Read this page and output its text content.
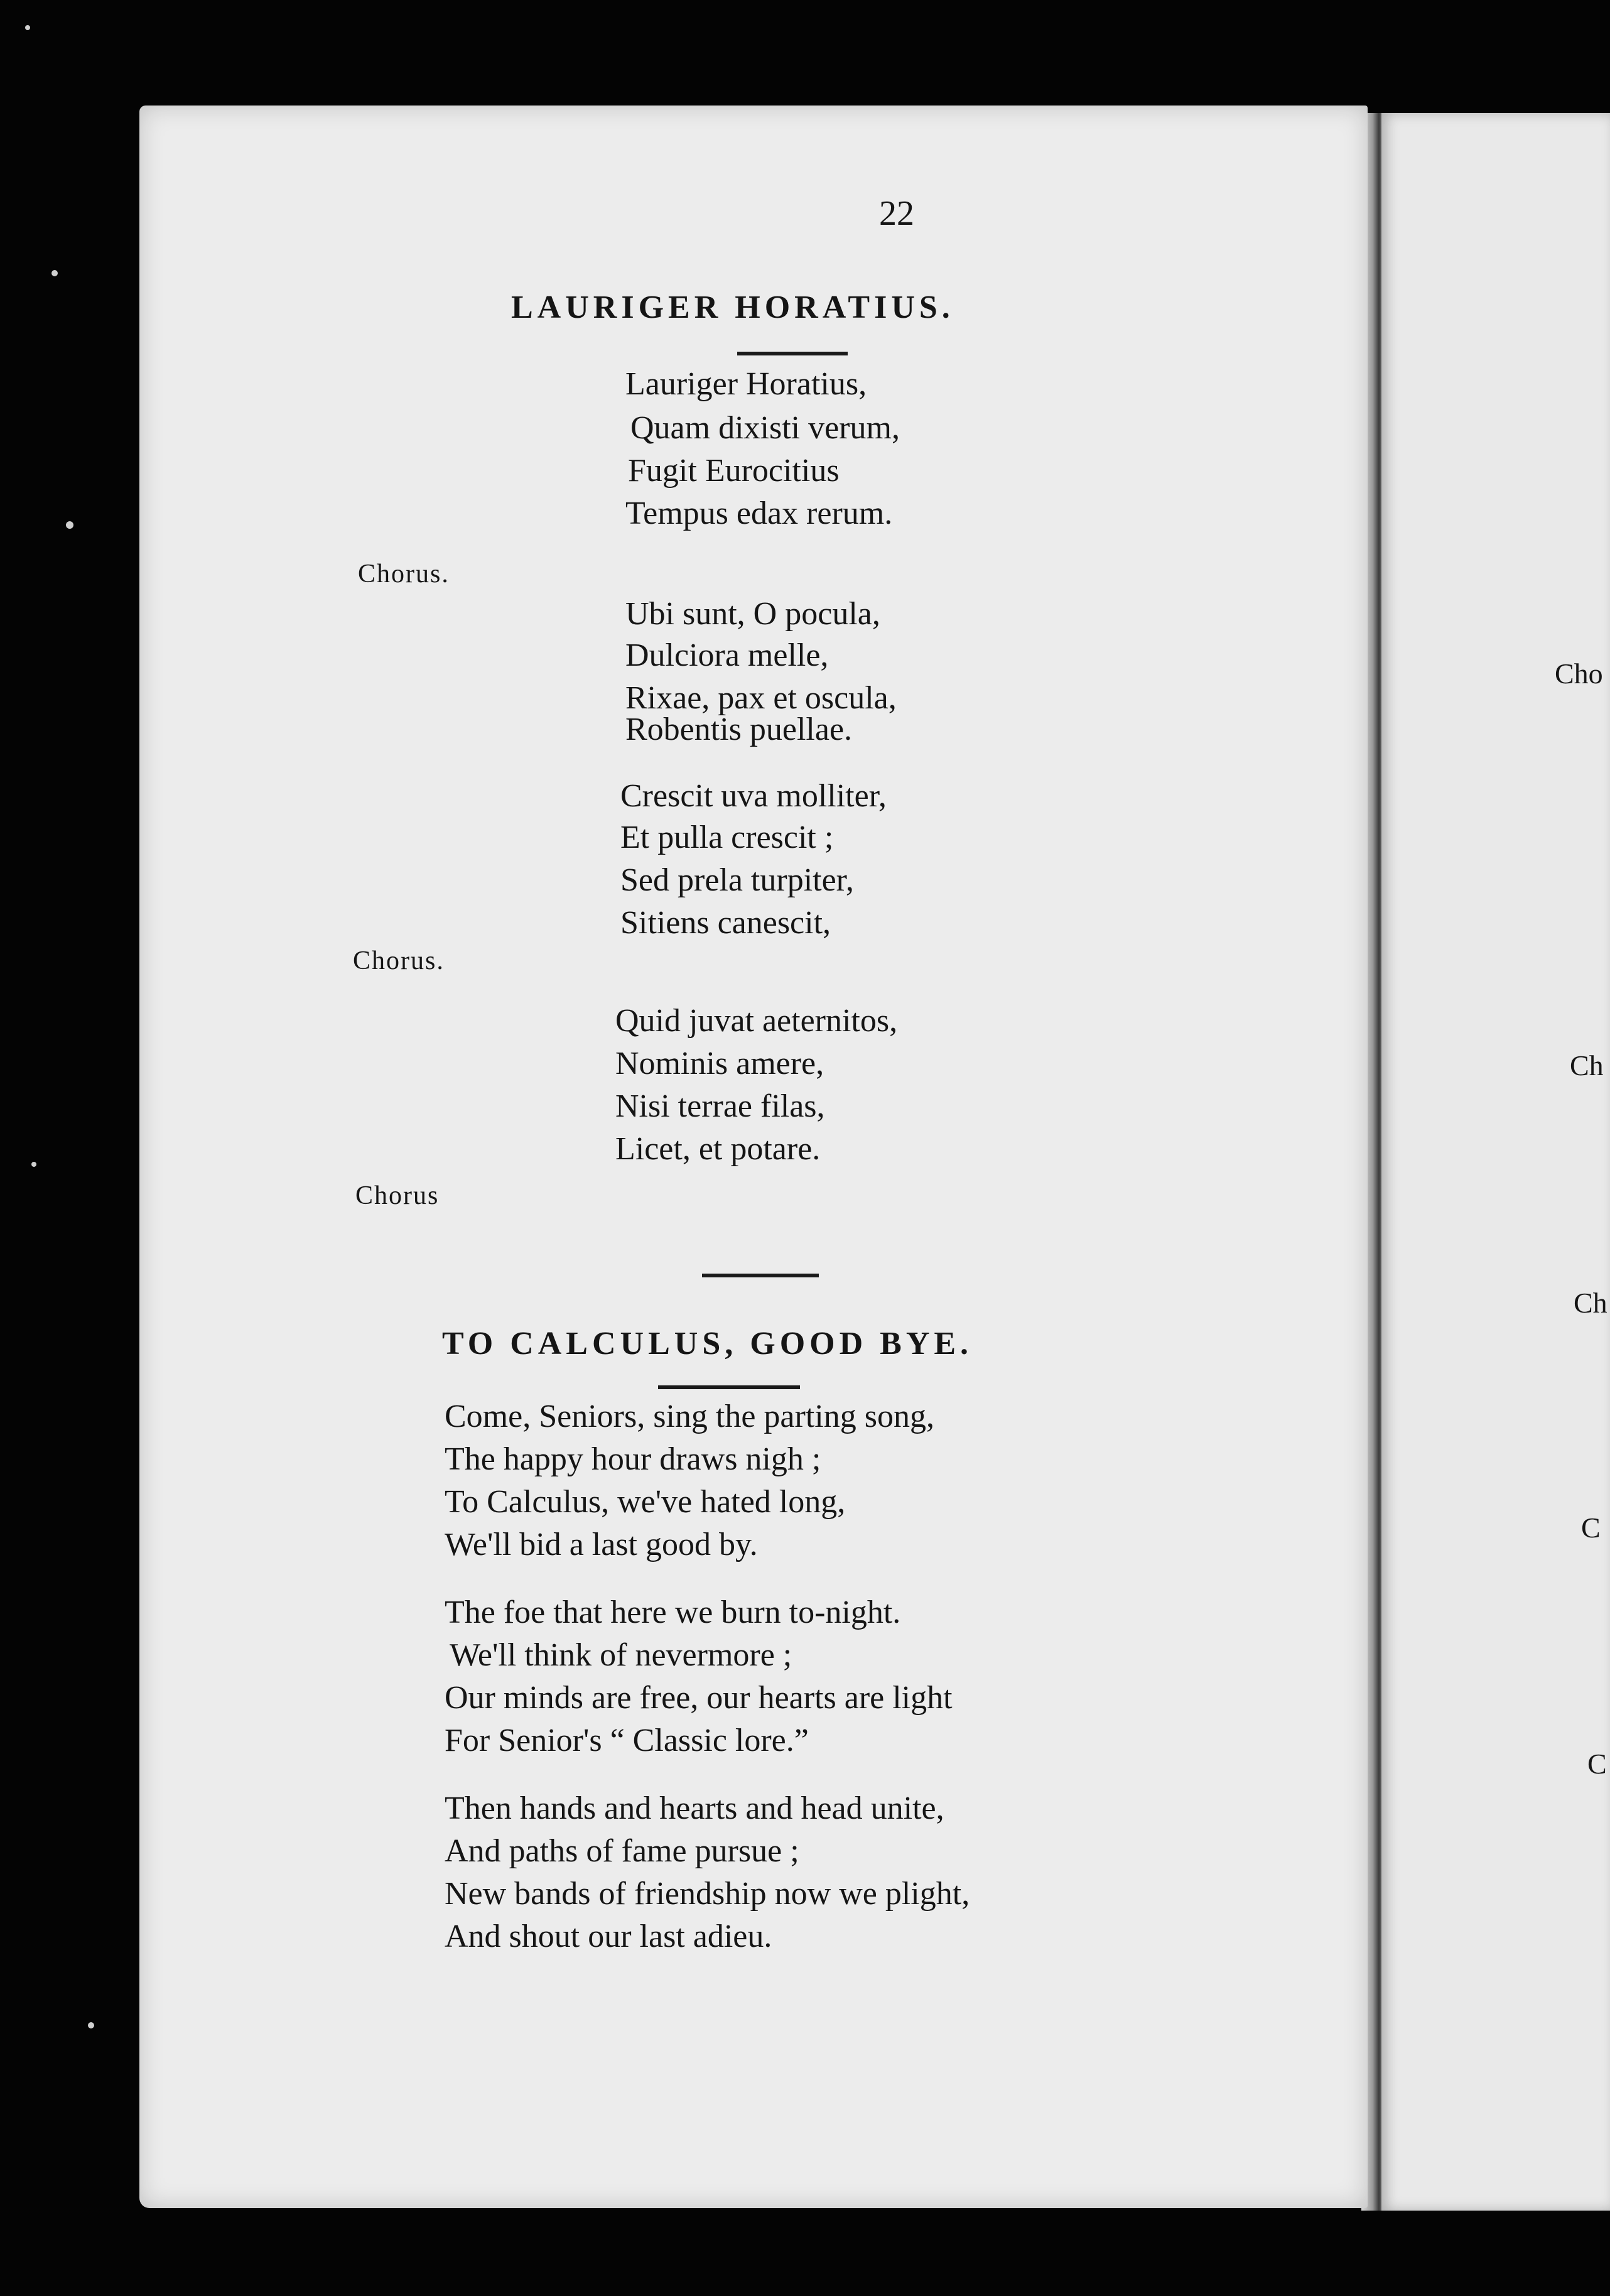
Cho
Ch
Ch
C
C
22
LAURIGER HORATIUS.
Lauriger Horatius,
Quam dixisti verum,
Fugit Eurocitius
Tempus edax rerum.
Chorus.
Ubi sunt, O pocula,
Dulciora melle,
Rixae, pax et oscula,
Robentis puellae.
Crescit uva molliter,
Et pulla crescit ;
Sed prela turpiter,
Sitiens canescit,
Chorus.
Quid juvat aeternitos,
Nominis amere,
Nisi terrae filas,
Licet, et potare.
Chorus
TO CALCULUS, GOOD BYE.
Come, Seniors, sing the parting song,
The happy hour draws nigh ;
To Calculus, we've hated long,
We'll bid a last good by.
The foe that here we burn to-night.
We'll think of nevermore ;
Our minds are free, our hearts are light
For Senior's “ Classic lore.”
Then hands and hearts and head unite,
And paths of fame pursue ;
New bands of friendship now we plight,
And shout our last adieu.
